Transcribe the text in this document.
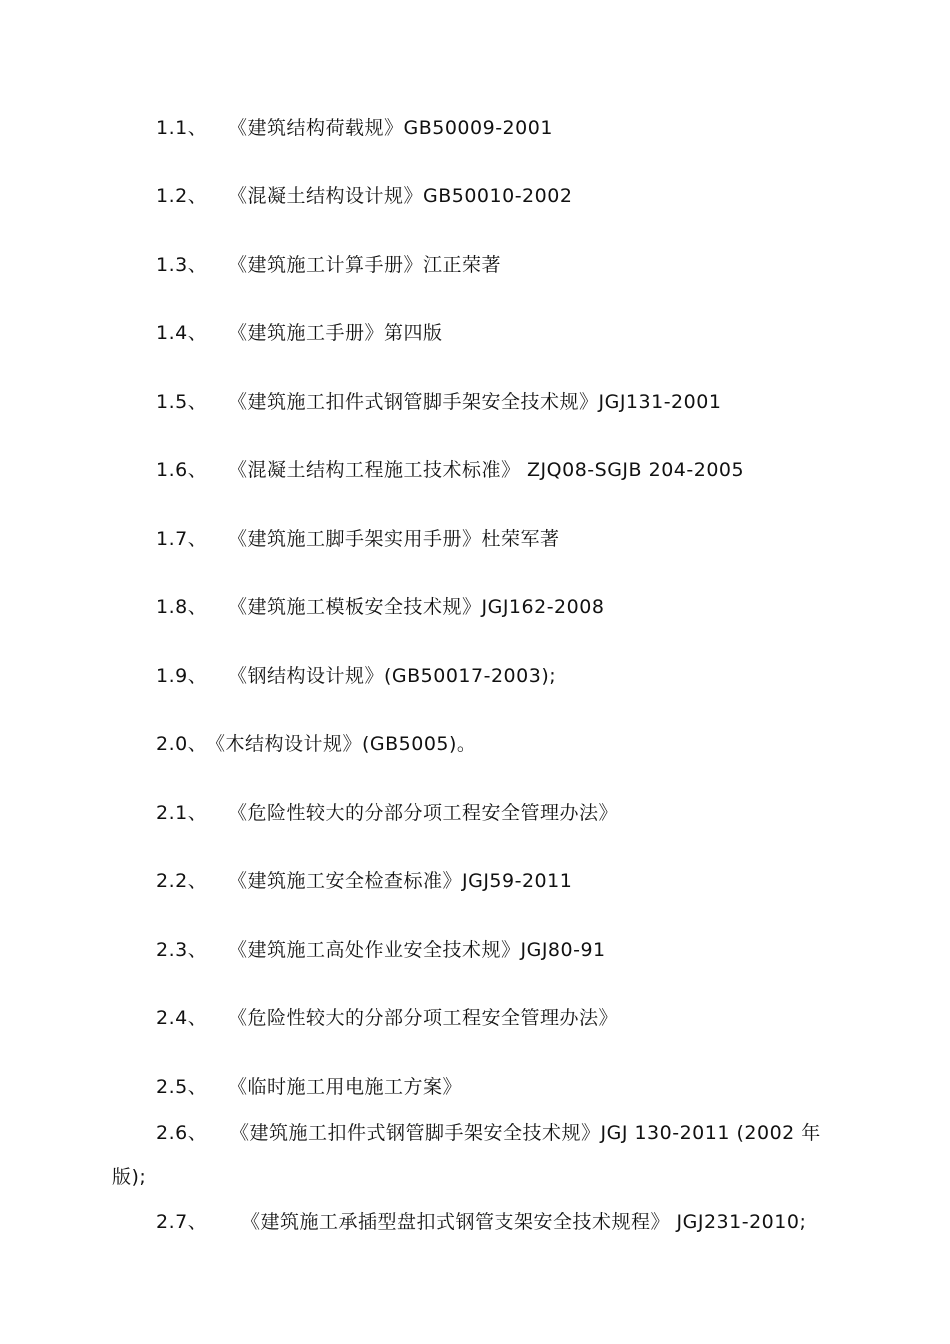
1.1、 《建筑结构荷载规》GB50009-2001
1.2、 《混凝土结构设计规》GB50010-2002
1.3、 《建筑施工计算手册》江正荣著
1.4、 《建筑施工手册》第四版
1.5、 《建筑施工扣件式钢管脚手架安全技术规》JGJ131-2001
1.6、 《混凝土结构工程施工技术标准》 ZJQ08-SGJB 204-2005
1.7、 《建筑施工脚手架实用手册》杜荣军著
1.8、 《建筑施工模板安全技术规》JGJ162-2008
1.9、 《钢结构设计规》(GB50017-2003);
2.0、《木结构设计规》(GB5005)。
2.1、 《危险性较大的分部分项工程安全管理办法》
2.2、 《建筑施工安全检查标准》JGJ59-2011
2.3、 《建筑施工高处作业安全技术规》JGJ80-91
2.4、 《危险性较大的分部分项工程安全管理办法》
2.5、 《临时施工用电施工方案》
2.6、 《建筑施工扣件式钢管脚手架安全技术规》JGJ 130-2011 (2002 年
版);
2.7、 《建筑施工承插型盘扣式钢管支架安全技术规程》 JGJ231-2010;
